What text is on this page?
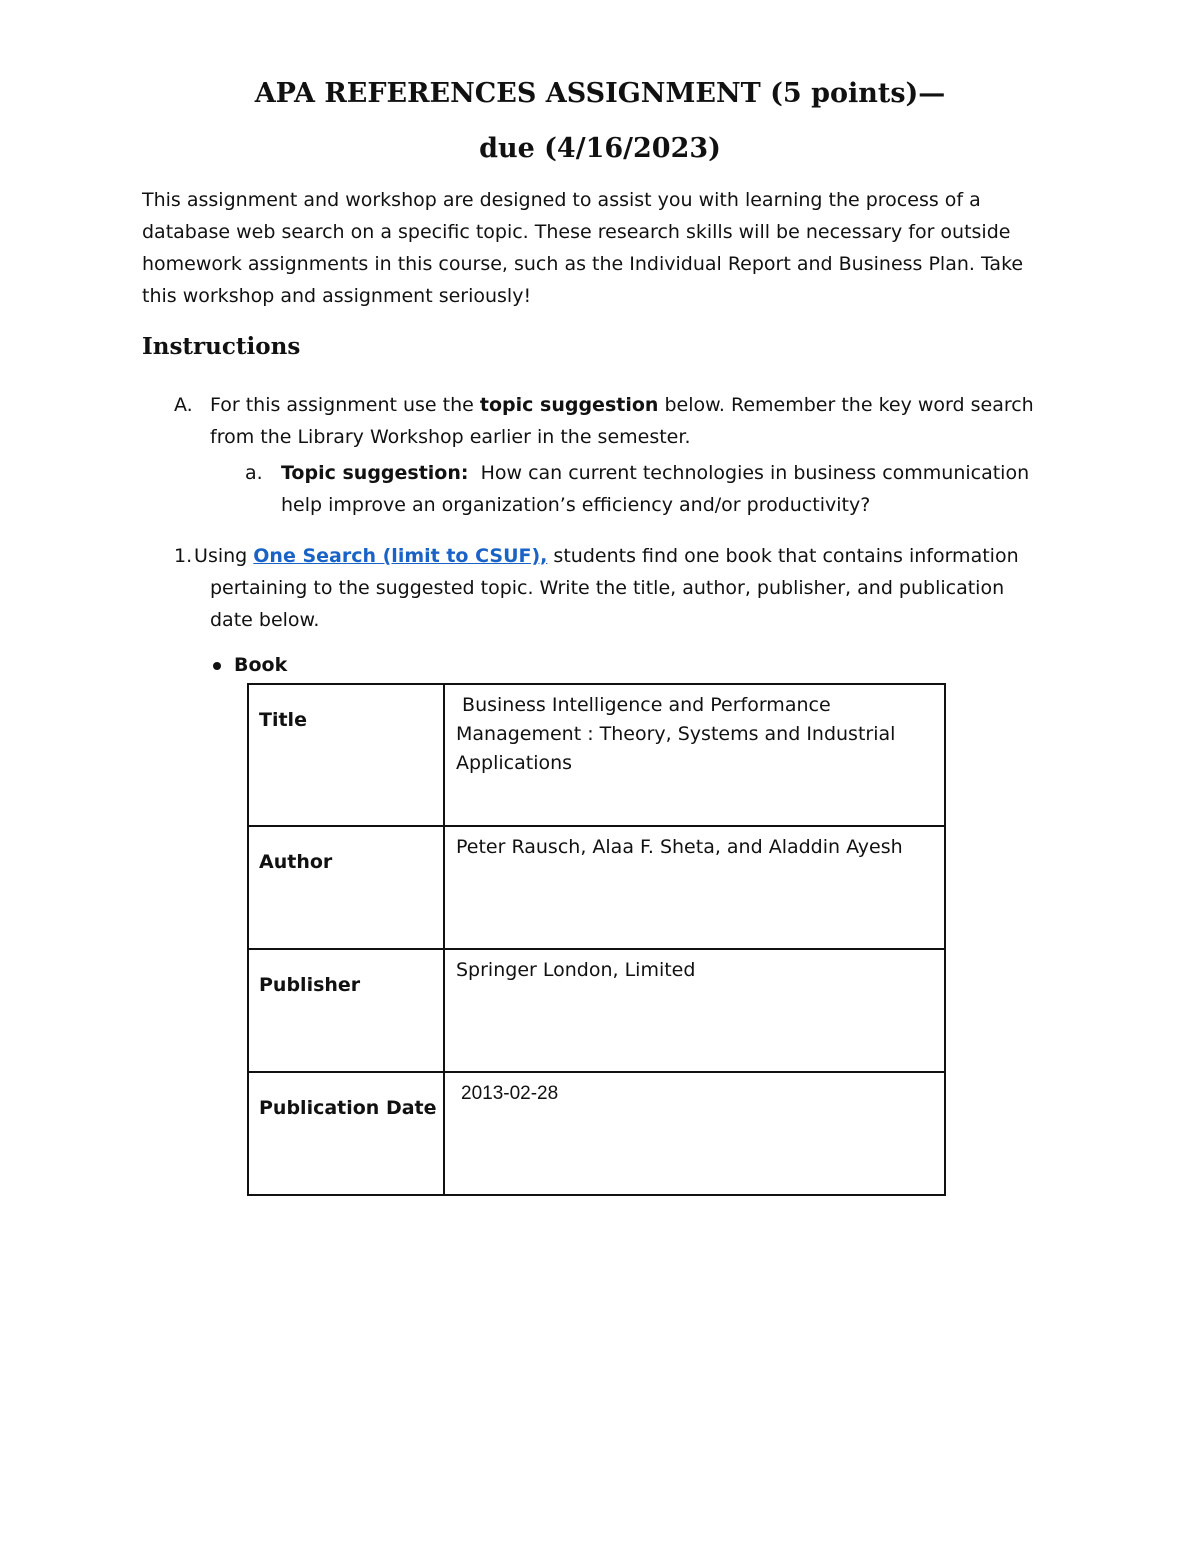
APA REFERENCES ASSIGNMENT (5 points)—
due (4/16/2023)
This assignment and workshop are designed to assist you with learning the process of a
database web search on a specific topic. These research skills will be necessary for outside
homework assignments in this course, such as the Individual Report and Business Plan. Take
this workshop and assignment seriously!
Instructions
A. For this assignment use the topic suggestion below. Remember the key word search
from the Library Workshop earlier in the semester.
a. Topic suggestion:  How can current technologies in business communication
help improve an organization’s efficiency and/or productivity?
1.
Using One Search (limit to CSUF), students find one book that contains information
pertaining to the suggested topic. Write the title, author, publisher, and publication
date below.
Book
Title	Business Intelligence and Performance
Management : Theory, Systems and Industrial
Applications

Author	Peter Rausch, Alaa F. Sheta, and Aladdin Ayesh

Publisher	Springer London, Limited

Publication Date	2013-02-28
